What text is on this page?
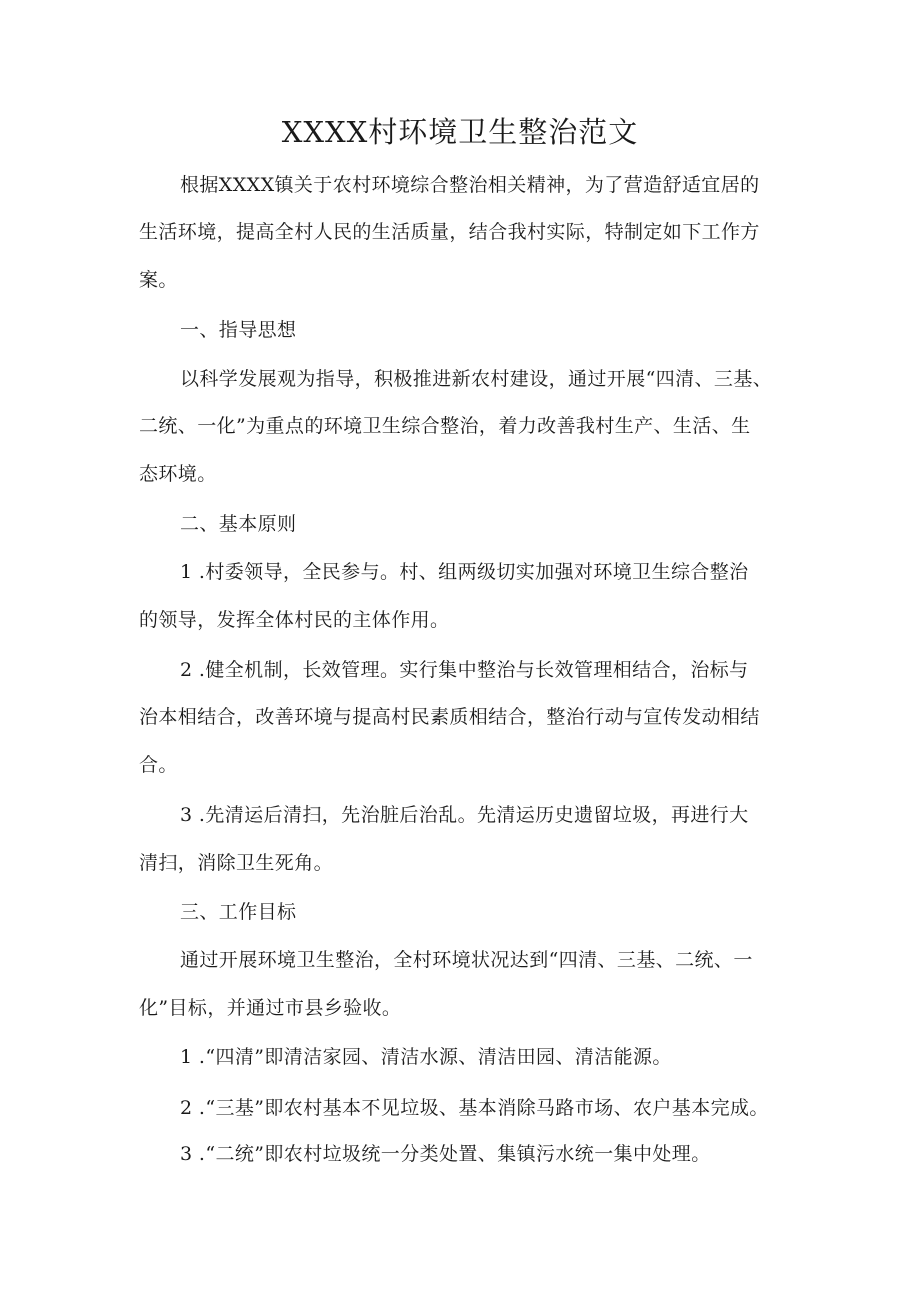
XXXX村环境卫生整治范文
根据XXXX镇关于农村环境综合整治相关精神，为了营造舒适宜居的
生活环境，提高全村人民的生活质量，结合我村实际，特制定如下工作方
案。
一、指导思想
以科学发展观为指导，积极推进新农村建设，通过开展“四清、三基、
二统、一化”为重点的环境卫生综合整治，着力改善我村生产、生活、生
态环境。
二、基本原则
1 .村委领导，全民参与。村、组两级切实加强对环境卫生综合整治
的领导，发挥全体村民的主体作用。
2 .健全机制，长效管理。实行集中整治与长效管理相结合，治标与
治本相结合，改善环境与提高村民素质相结合，整治行动与宣传发动相结
合。
3 .先清运后清扫，先治脏后治乱。先清运历史遗留垃圾，再进行大
清扫，消除卫生死角。
三、工作目标
通过开展环境卫生整治，全村环境状况达到“四清、三基、二统、一
化”目标，并通过市县乡验收。
1 .“四清”即清洁家园、清洁水源、清洁田园、清洁能源。
2 .“三基”即农村基本不见垃圾、基本消除马路市场、农户基本完成。
3 .“二统”即农村垃圾统一分类处置、集镇污水统一集中处理。
